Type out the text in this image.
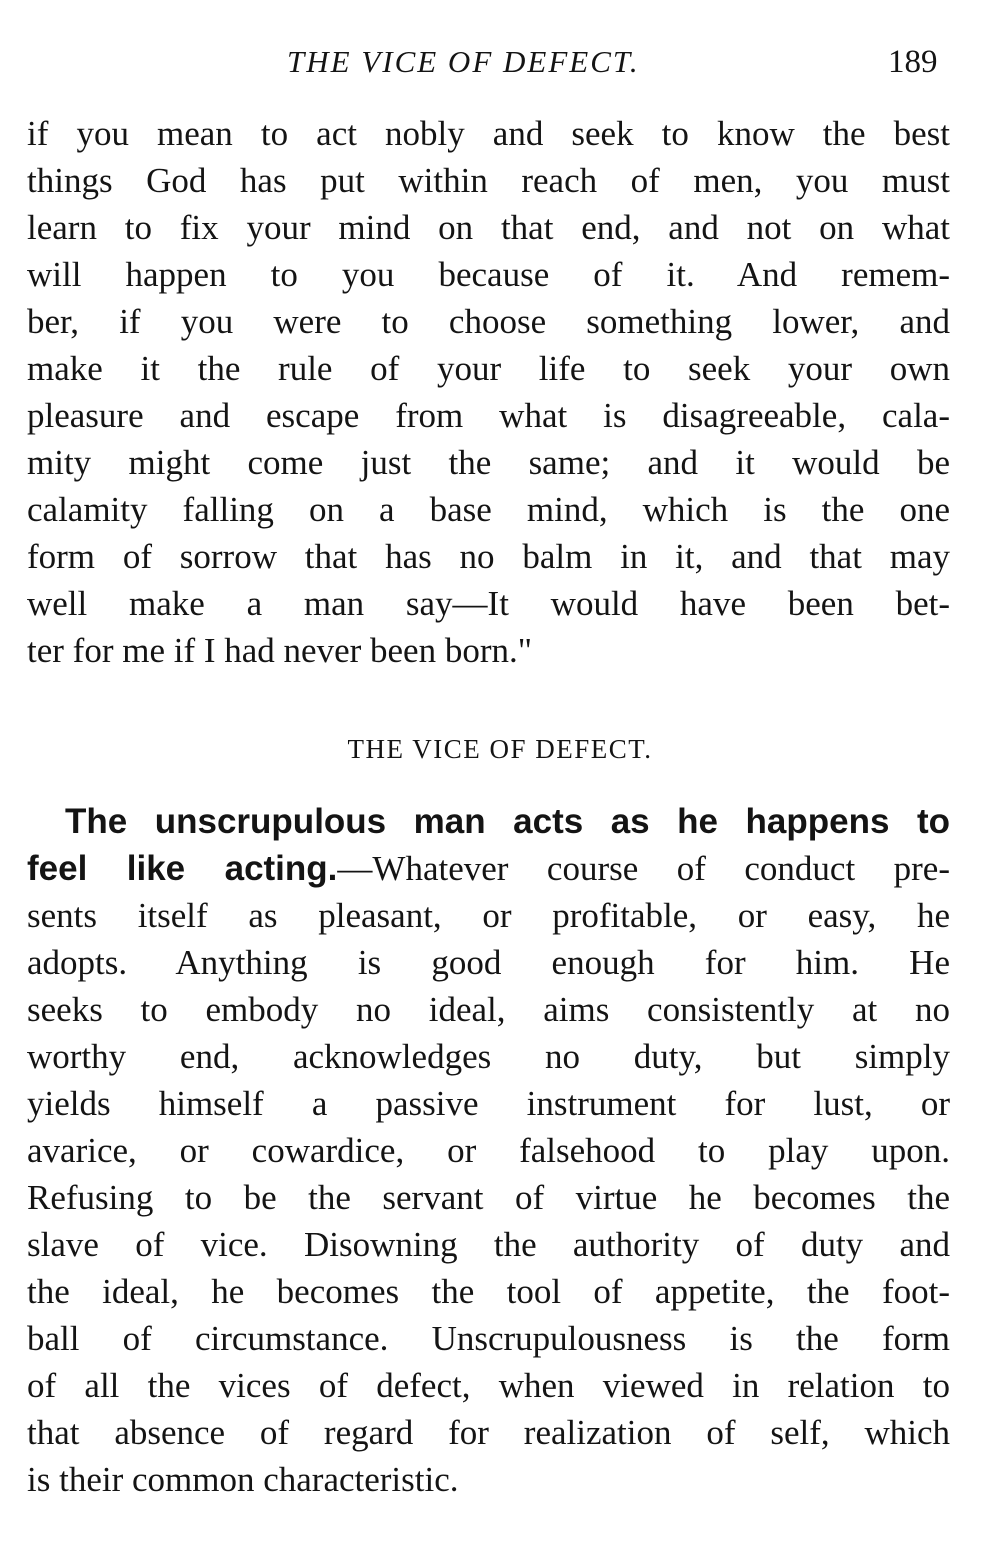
THE VICE OF DEFECT.	189
if you mean to act nobly and seek to know the best
things God has put within reach of men, you must
learn to fix your mind on that end, and not on what
will happen to you because of it. And remem-
ber, if you were to choose something lower, and
make it the rule of your life to seek your own
pleasure and escape from what is disagreeable, cala-
mity might come just the same; and it would be
calamity falling on a base mind, which is the one
form of sorrow that has no balm in it, and that may
well make a man say—It would have been bet-
ter for me if I had never been born."
THE VICE OF DEFECT.
The unscrupulous man acts as he happens to
feel like acting.—Whatever course of conduct pre-
sents itself as pleasant, or profitable, or easy, he
adopts. Anything is good enough for him. He
seeks to embody no ideal, aims consistently at no
worthy end, acknowledges no duty, but simply
yields himself a passive instrument for lust, or
avarice, or cowardice, or falsehood to play upon.
Refusing to be the servant of virtue he becomes the
slave of vice. Disowning the authority of duty and
the ideal, he becomes the tool of appetite, the foot-
ball of circumstance. Unscrupulousness is the form
of all the vices of defect, when viewed in relation to
that absence of regard for realization of self, which
is their common characteristic.
